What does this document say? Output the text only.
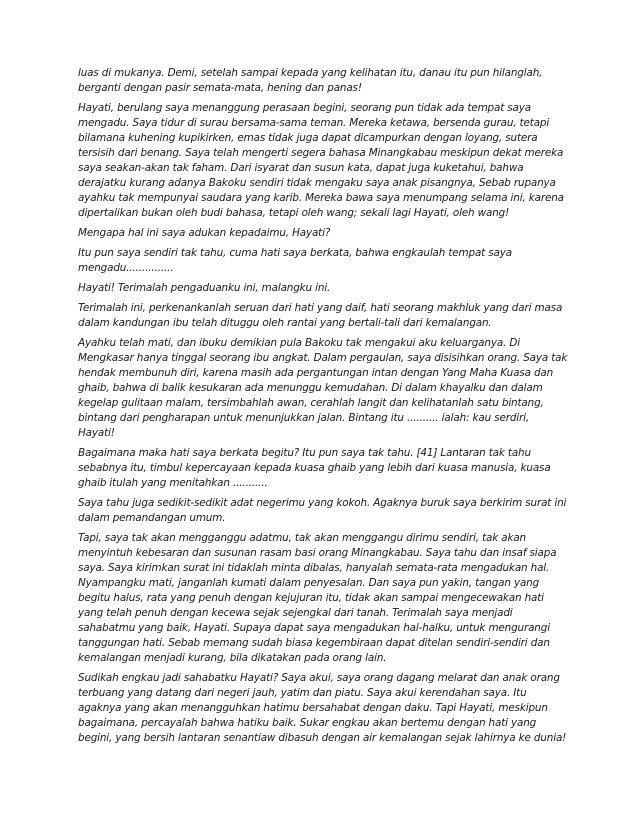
luas di mukanya. Demi, setelah sampai kepada yang kelihatan itu, danau itu pun hilanglah,
berganti dengan pasir semata-mata, hening dan panas!

Hayati, berulang saya menanggung perasaan begini, seorang pun tidak ada tempat saya
mengadu. Saya tidur di surau bersama-sama teman. Mereka ketawa, bersenda gurau, tetapi
bilamana kuhening kupikirken, emas tidak juga dapat dicampurkan dengan loyang, sutera
tersisih dari benang. Saya telah mengerti segera bahasa Minangkabau meskipun dekat mereka
saya seakan-akan tak faham. Dari isyarat dan susun kata, dapat juga kuketahui, bahwa
derajatku kurang adanya Bakoku sendiri tidak mengaku saya anak pisangnya, Sebab rupanya
ayahku tak mempunyai saudara yang karib. Mereka bawa saya menumpang selama ini, karena
dipertalikan bukan oleh budi bahasa, tetapi oleh wang; sekali lagi Hayati, oleh wang!

Mengapa hal ini saya adukan kepadaimu, Hayati?

Itu pun saya sendiri tak tahu, cuma hati saya berkata, bahwa engkaulah tempat saya
mengadu...............

Hayati! Terimalah pengaduanku ini, malangku ini.

Terimalah ini, perkenankanlah seruan dari hati yang daif, hati seorang makhluk yang dari masa
dalam kandungan ibu telah dituggu oleh rantai yang bertali-tali dari kemalangan.

Ayahku telah mati, dan ibuku demikian pula Bakoku tak mengakui aku keluarganya. Di
Mengkasar hanya tinggal seorang ibu angkat. Dalam pergaulan, saya disisihkan orang. Saya tak
hendak membunuh diri, karena masih ada pergantungan intan dengan Yang Maha Kuasa dan
ghaib, bahwa di balik kesukaran ada menunggu kemudahan. Di dalam khayalku dan dalam
kegelap gulitaan malam, tersimbahlah awan, cerahlah langit dan kelihatanlah satu bintang,
bintang dari pengharapan untuk menunjukkan jalan. Bintang itu .......... ialah: kau serdiri,
Hayati!

Bagaimana maka hati saya berkata begitu? Itu pun saya tak tahu. [41] Lantaran tak tahu
sebabnya itu, timbul kepercayaan kepada kuasa ghaib yang lebih dari kuasa manusia, kuasa
ghaib itulah yang menitahkan ...........

Saya tahu juga sedikit-sedikit adat negerimu yang kokoh. Agaknya buruk saya berkirim surat ini
dalam pemandangan umum.

Tapi, saya tak akan mengganggu adatmu, tak akan menggangu dirimu sendiri, tak akan
menyintuh kebesaran dan susunan rasam basi orang Minangkabau. Saya tahu dan insaf siapa
saya. Saya kirimkan surat ini tidaklah minta dibalas, hanyalah semata-rata mengadukan hal.
Nyampangku mati, janganlah kumati dalam penyesalan. Dan saya pun yakin, tangan yang
begitu halus, rata yang penuh dengan kejujuran itu, tidak akan sampai mengecewakan hati
yang telah penuh dengan kecewa sejak sejengkal dari tanah. Terimalah saya menjadi
sahabatmu yang baik, Hayati. Supaya dapat saya mengadukan hal-halku, untuk mengurangi
tanggungan hati. Sebab memang sudah biasa kegembiraan dapat ditelan sendiri-sendiri dan
kemalangan menjadi kurang, bila dikatakan pada orang lain.

Sudikah engkau jadi sahabatku Hayati? Saya akui, saya orang dagang melarat dan anak orang
terbuang yang datang dari negeri jauh, yatim dan piatu. Saya akui kerendahan saya. Itu
agaknya yang akan menangguhkan hatimu bersahabat dengan daku. Tapi Hayati, meskipun
bagaimana, percayalah bahwa hatiku baik. Sukar engkau akan bertemu dengan hati yang
begini, yang bersih lantaran senantiaw dibasuh dengan air kemalangan sejak lahirnya ke dunia!
